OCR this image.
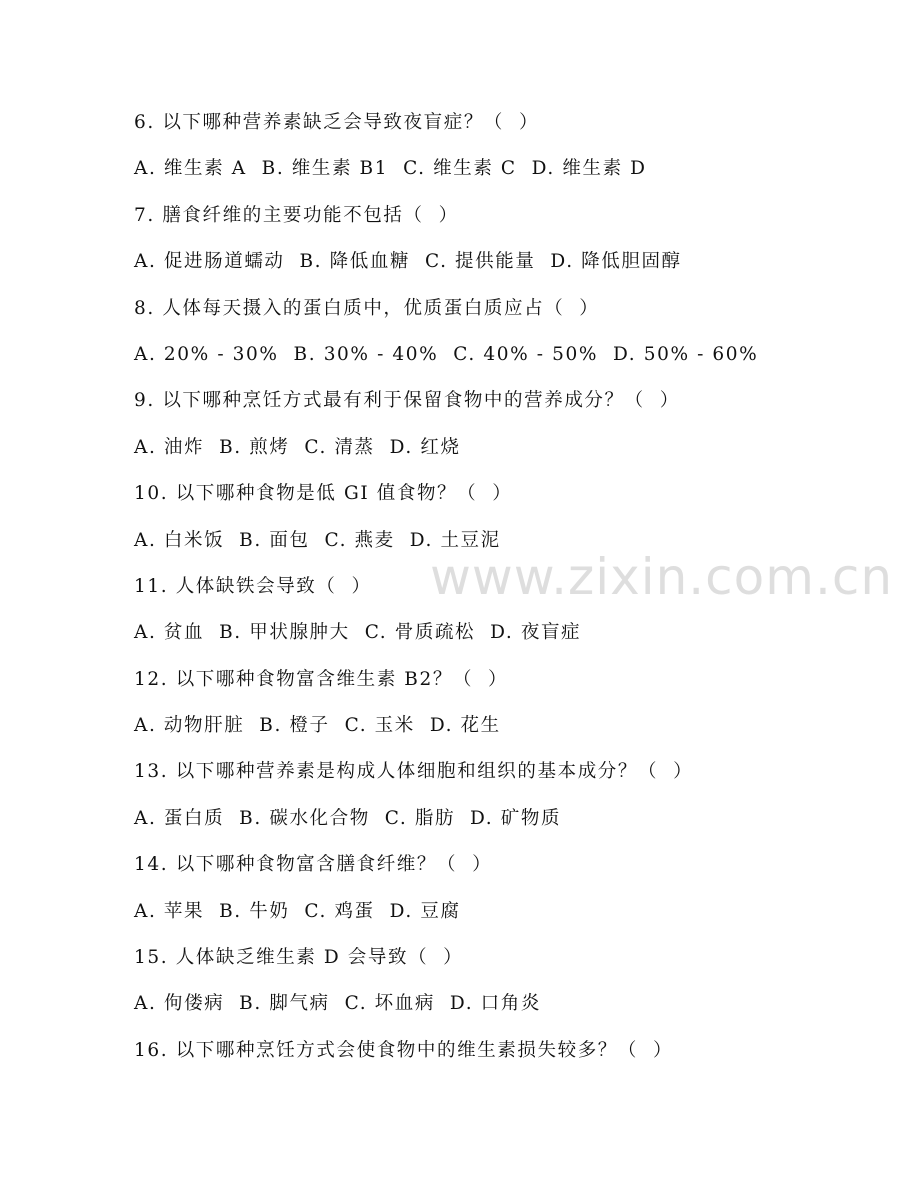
6. 以下哪种营养素缺乏会导致夜盲症？（  ）
A. 维生素 A  B. 维生素 B1  C. 维生素 C  D. 维生素 D
7. 膳食纤维的主要功能不包括（  ）
A. 促进肠道蠕动  B. 降低血糖  C. 提供能量  D. 降低胆固醇
8. 人体每天摄入的蛋白质中，优质蛋白质应占（  ）
A. 20% - 30%  B. 30% - 40%  C. 40% - 50%  D. 50% - 60%
9. 以下哪种烹饪方式最有利于保留食物中的营养成分？（  ）
A. 油炸  B. 煎烤  C. 清蒸  D. 红烧
10. 以下哪种食物是低 GI 值食物？（  ）
A. 白米饭  B. 面包  C. 燕麦  D. 土豆泥
11. 人体缺铁会导致（  ）
A. 贫血  B. 甲状腺肿大  C. 骨质疏松  D. 夜盲症
12. 以下哪种食物富含维生素 B2？（  ）
A. 动物肝脏  B. 橙子  C. 玉米  D. 花生
13. 以下哪种营养素是构成人体细胞和组织的基本成分？（  ）
A. 蛋白质  B. 碳水化合物  C. 脂肪  D. 矿物质
14. 以下哪种食物富含膳食纤维？（  ）
A. 苹果  B. 牛奶  C. 鸡蛋  D. 豆腐
15. 人体缺乏维生素 D 会导致（  ）
A. 佝偻病  B. 脚气病  C. 坏血病  D. 口角炎
16. 以下哪种烹饪方式会使食物中的维生素损失较多？（  ）
www.zixin.com.cn
